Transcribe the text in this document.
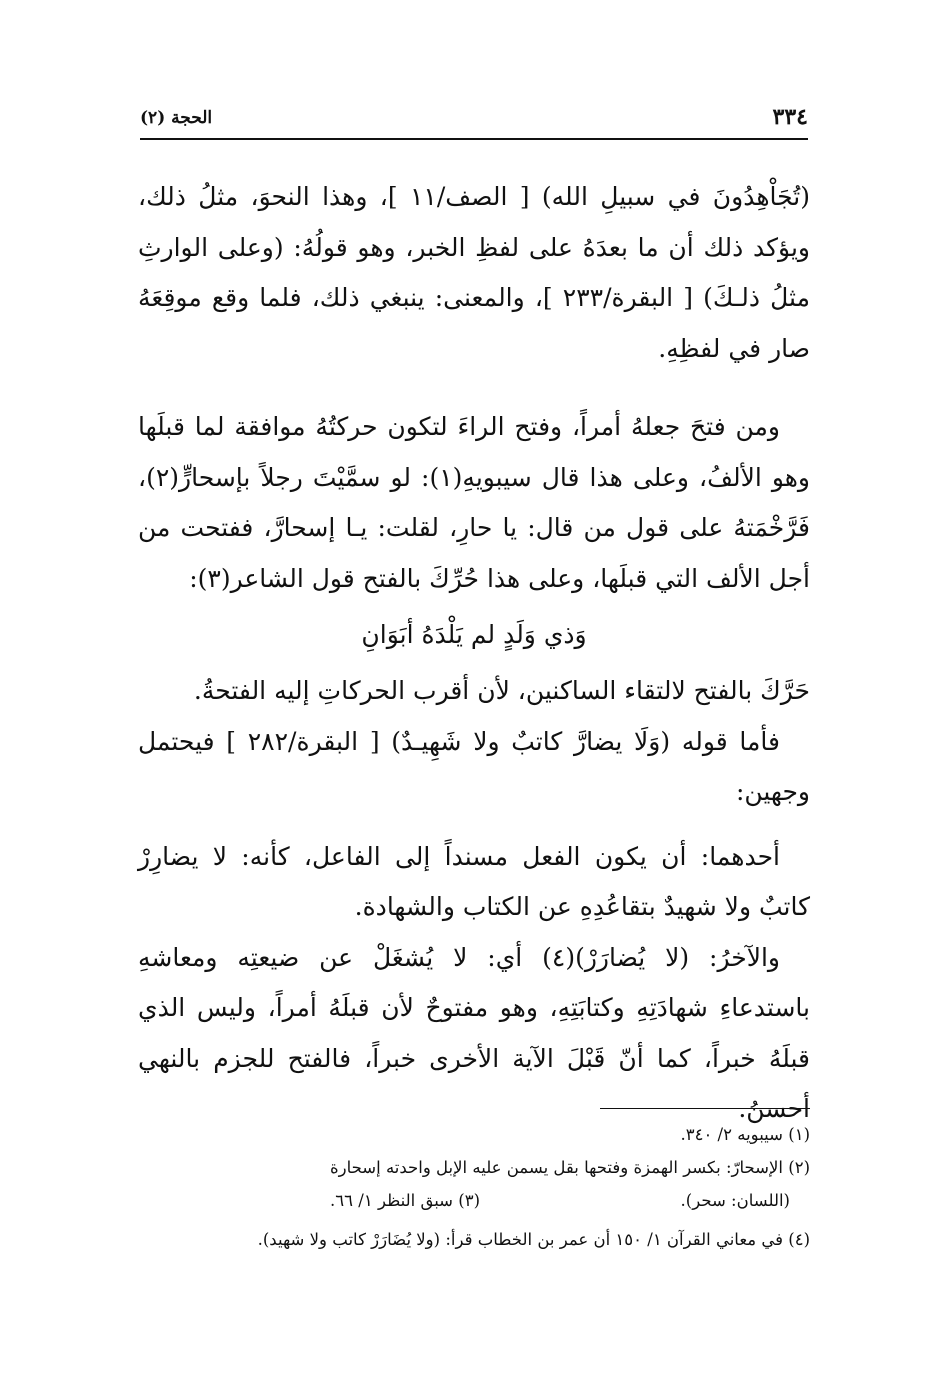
٣٣٤
الحجة (٢)

(تُجَاْهِدُونَ في سبيلِ الله) [ الصف/١١ ]، وهذا النحوَ، مثلُ ذلك، ويؤكد ذلك أن ما بعدَهُ على لفظِ الخبر، وهو قولُهُ: (وعلى الوارثِ مثلُ ذلـكَ) [ البقرة/٢٣٣ ]، والمعنى: ينبغي ذلك، فلما وقع موقِعَهُ صار في لفظِهِ.

ومن فتحَ جعلهُ أمراً، وفتح الراءَ لتكون حركتُهُ موافقة لما قبلَها وهو الألفُ، وعلى هذا قال سيبويهِ(١): لو سمَّيْتَ رجلاً بإسحارٍّ(٢)، فَرَّخْمَتهُ على قول من قال: يا حارِ، لقلت: يـا إسحارَّ، ففتحت من أجل الألف التي قبلَها، وعلى هذا حُرِّكَ بالفتح قول الشاعر(٣):

وَذي وَلَدٍ لم يَلْدَهُ أبَوَانِ

حَرَّكَ بالفتح لالتقاء الساكنين، لأن أقرب الحركاتِ إليه الفتحةُ.

فأما قوله (وَلَا يضارَّ كاتبٌ ولا شَهِيـدٌ) [ البقرة/٢٨٢ ] فيحتمل وجهين:

أحدهما: أن يكون الفعل مسنداً إلى الفاعل، كأنه: لا يضارِرْ كاتبٌ ولا شهيدٌ بتقاعُدِهِ عن الكتاب والشهادة.

والآخرُ: (لا يُضارَرْ)(٤) أي: لا يُشغَلْ عن ضيعتِه ومعاشهِ باستدعاءِ شهادَتِهِ وكتابَتِهِ، وهو مفتوحٌ لأن قبلَهُ أمراً، وليس الذي قبلَهُ خبراً، كما أنّ قَبْلَ الآية الأخرى خبراً، فالفتح للجزم بالنهي أحسنُ.

(١) سيبويه ٢/ ٣٤٠.

(٢) الإسحارّ: بكسر الهمزة وفتحها بقل يسمن عليه الإبل واحدته إسحارة

(اللسان: سحر).
(٣) سبق النظر ١/ ٦٦.

(٤) في معاني القرآن ١/ ١٥٠ أن عمر بن الخطاب قرأ: (ولا يُضَارَرْ كاتب ولا شهيد).
